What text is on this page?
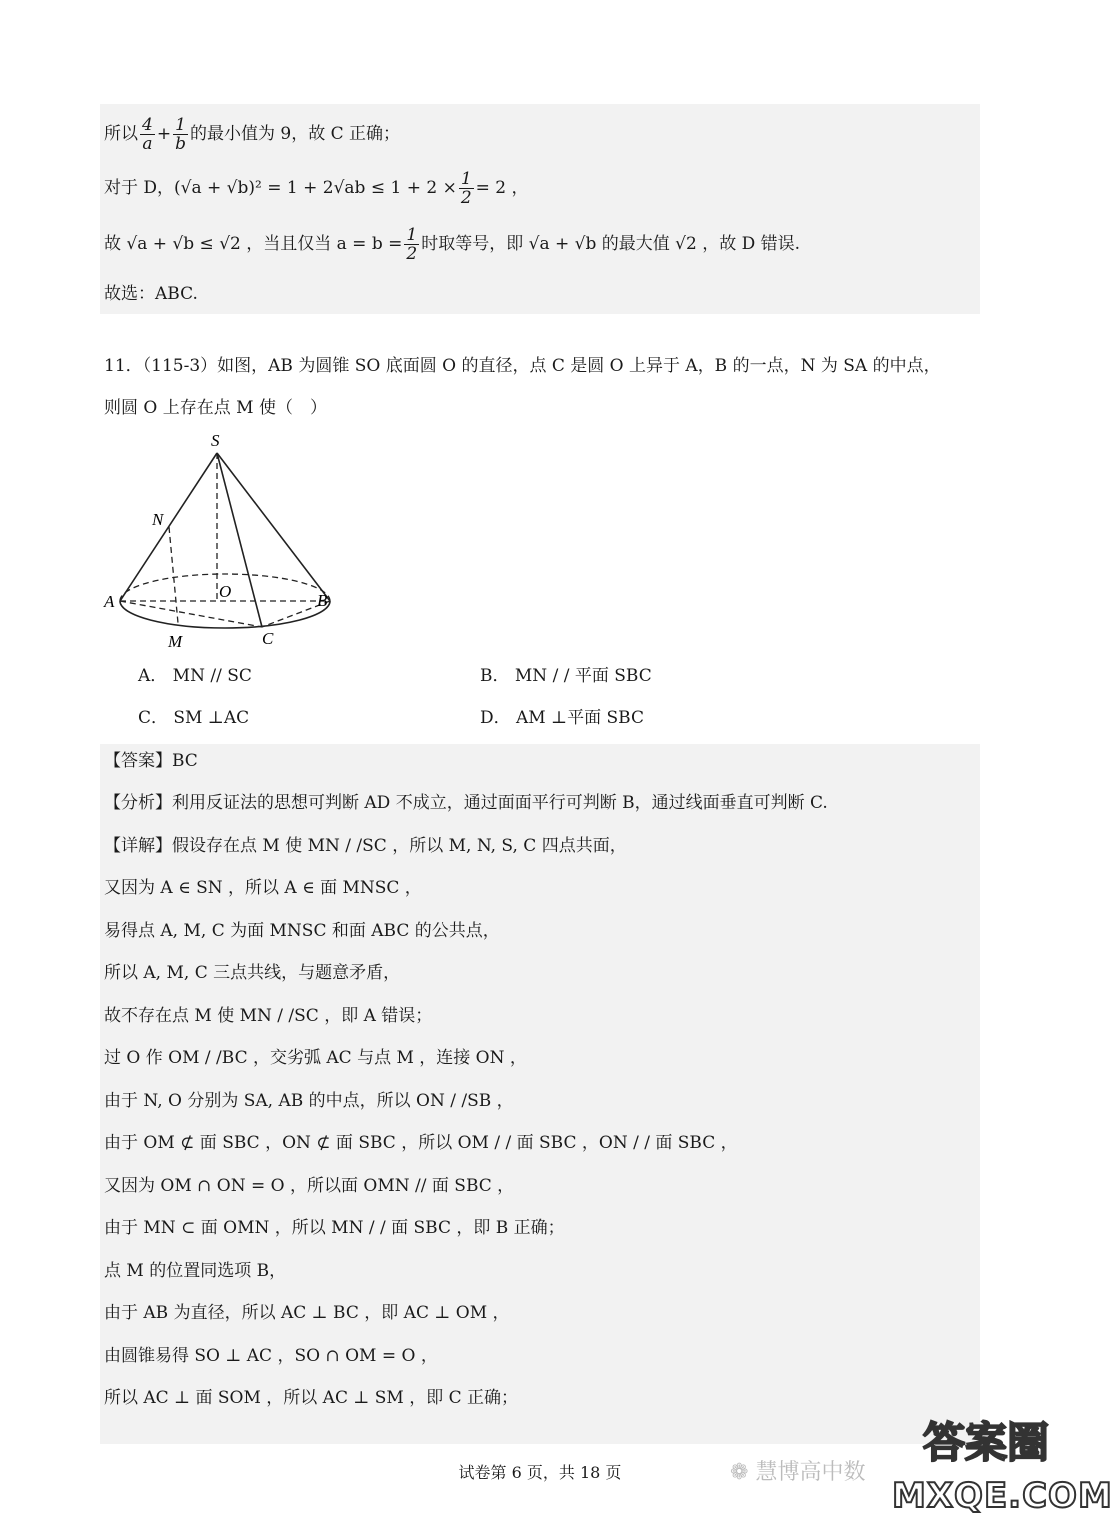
所以 $\frac{4}{a} + \frac{1}{b}$ 的最小值为 9，故 C 正确；
对于 D，$(√a + √b)^2 = 1 + 2√ab \le 1 + 2 \times \frac{1}{2} = 2$ ，
故 √a + √b ≤ √2 ，当且仅当 $a = b = \frac{1}{2}$ 时取等号，即 √a + √b 的最大值 √2 ，故 D 错误.
故选：ABC.
11．（115-3）如图，AB 为圆锥 SO 底面圆 O 的直径，点 C 是圆 O 上异于 A，B 的一点，N 为 SA 的中点，
则圆 O 上存在点 M 使（　）
S
N
O
A	B
M	C
A． MN // SC	B． MN / / 平面 SBC
C． SM ⊥AC	D． AM ⊥平面 SBC
【答案】BC
【分析】利用反证法的思想可判断 AD 不成立，通过面面平行可判断 B，通过线面垂直可判断 C.
【详解】假设存在点 M 使 MN / /SC ，所以 M, N, S, C 四点共面，
又因为 A ∈ SN ，所以 A ∈ 面 MNSC ，
易得点 A, M, C 为面 MNSC 和面 ABC 的公共点，
所以 A, M, C 三点共线，与题意矛盾，
故不存在点 M 使 MN / /SC ，即 A 错误；
过 O 作 OM / /BC ，交劣弧 AC 与点 M ，连接 ON ，
由于 N, O 分别为 SA, AB 的中点，所以 ON / /SB ，
由于 OM ⊄ 面 SBC ，ON ⊄ 面 SBC ，所以 OM / / 面 SBC ，ON / / 面 SBC ，
又因为 OM ∩ ON = O ，所以面 OMN // 面 SBC ，
由于 MN ⊂ 面 OMN ，所以 MN / / 面 SBC ，即 B 正确；
点 M 的位置同选项 B，
由于 AB 为直径，所以 AC ⊥ BC ，即 AC ⊥ OM ，
由圆锥易得 SO ⊥ AC ，SO ∩ OM = O ，
所以 AC ⊥ 面 SOM ，所以 AC ⊥ SM ，即 C 正确；
试卷第 6 页，共 18 页	❁ 慧博高中数
答案圈
MXQE.COM
